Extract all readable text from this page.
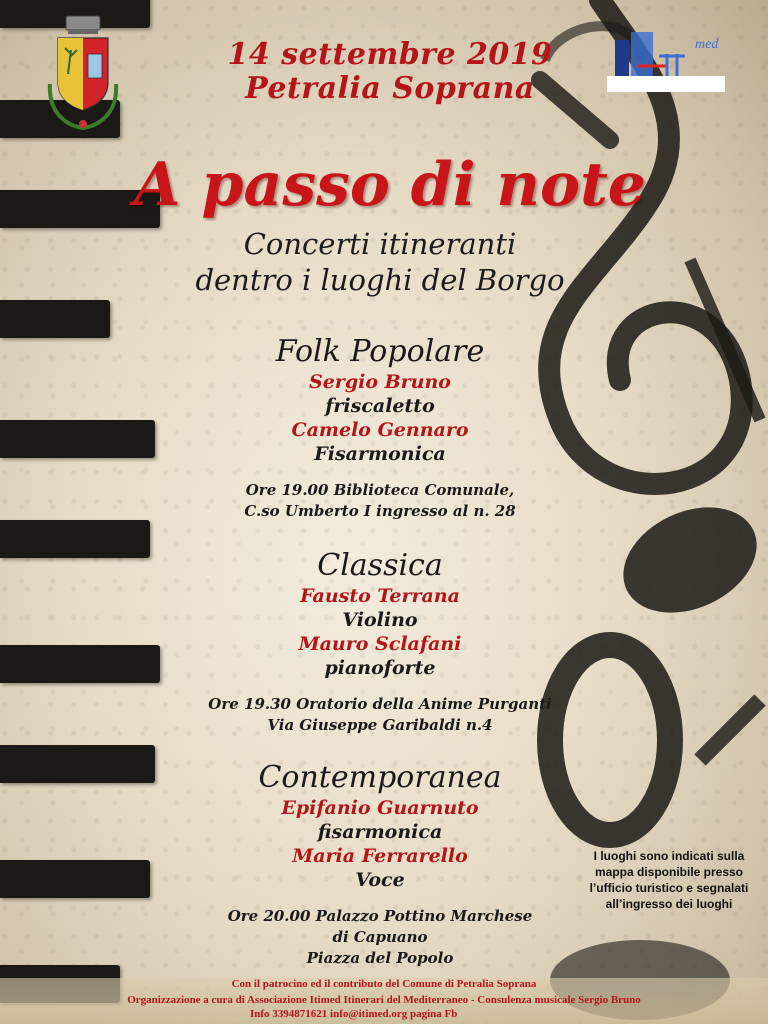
med
14 settembre 2019
Petralia Soprana
A passo di note
Concerti itineranti
dentro i luoghi del Borgo

Folk Popolare

Sergio Bruno

friscaletto

Camelo Gennaro

Fisarmonica

Ore 19.00 Biblioteca Comunale,

C.so Umberto I ingresso al n. 28

Classica

Fausto Terrana

Violino

Mauro Sclafani

pianoforte

Ore 19.30 Oratorio della Anime Purganti

Via Giuseppe Garibaldi n.4

Contemporanea

Epifanio Guarnuto

fisarmonica

Maria Ferrarello

Voce

Ore 20.00 Palazzo Pottino Marchese

di Capuano

Piazza del Popolo

I luoghi sono indicati sulla
mappa disponibile presso
l’ufficio turistico e segnalati
all’ingresso dei luoghi
Con il patrocino ed il contributo del Comune di Petralia Soprana
Organizzazione a cura di Associazione Itimed Itinerari del Mediterraneo - Consulenza musicale Sergio Bruno
Info 3394871621 info@itimed.org pagina Fb
